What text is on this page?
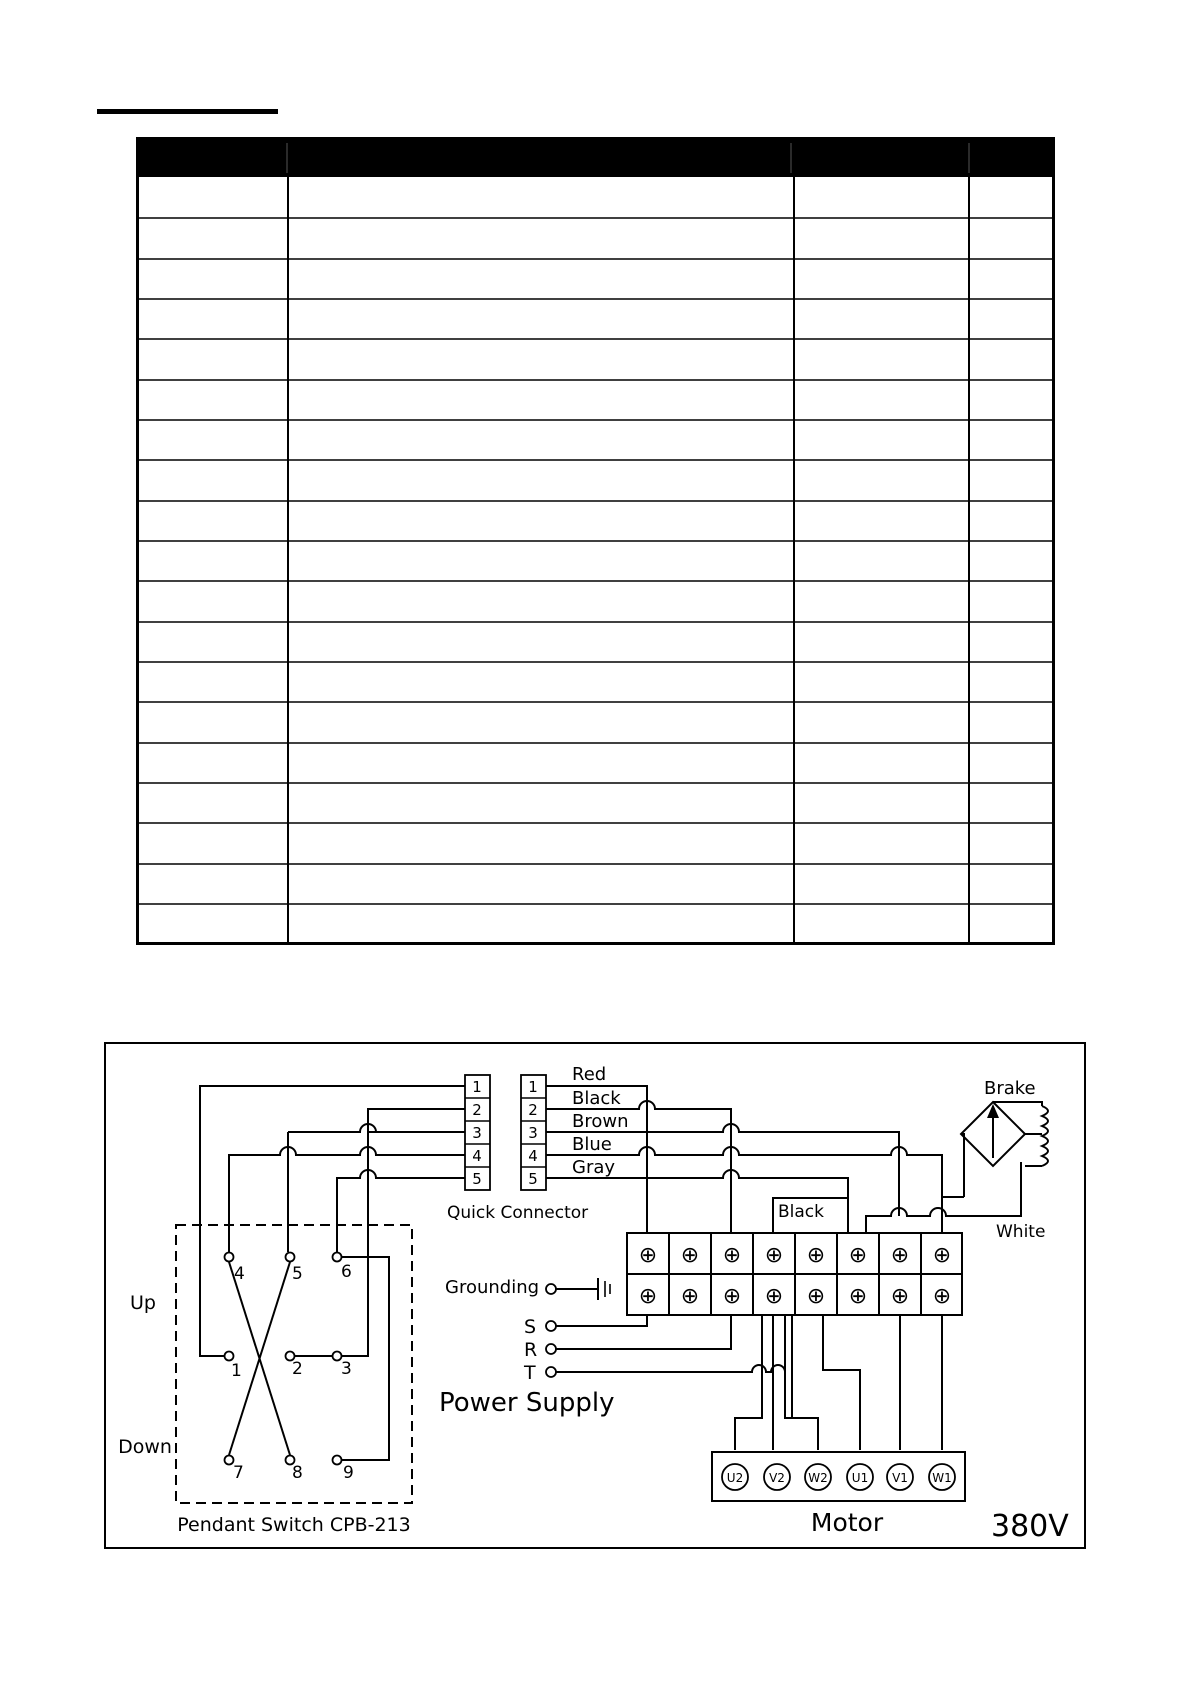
Pendant Switch CPB-213
Up
Down
4	5 6
1	2 3
7	8 9
1
2
3
4
5
1
2
3
4
5
Quick Connector
Red
Black
Brown
Blue
Gray
Black
Brake
White
⊕ ⊕ ⊕ ⊕ ⊕ ⊕ ⊕ ⊕
⊕ ⊕ ⊕ ⊕ ⊕ ⊕ ⊕ ⊕
Grounding
S
R
T
Power Supply
U2 V2 W2 U1 V1 W1
Motor	380V
